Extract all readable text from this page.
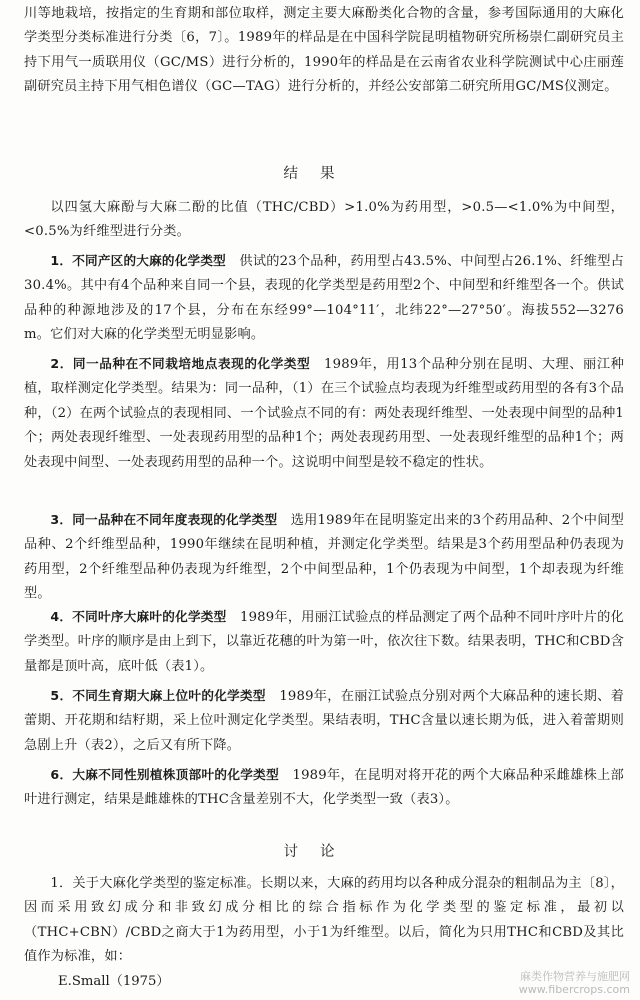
川等地栽培，按指定的生育期和部位取样，测定主要大麻酚类化合物的含量，参考国际通用的大麻化学类型分类标准进行分类〔6，7〕。1989年的样品是在中国科学院昆明植物研究所杨崇仁副研究员主持下用气一质联用仪（GC/MS）进行分析的，1990年的样品是在云南省农业科学院测试中心庄丽莲副研究员主持下用气相色谱仪（GC—TAG）进行分析的，并经公安部第二研究所用GC/MS仪测定。
结果
以四氢大麻酚与大麻二酚的比值（THC/CBD）>1.0%为药用型，>0.5—<1.0%为中间型，<0.5%为纤维型进行分类。
1．不同产区的大麻的化学类型　 供试的23个品种，药用型占43.5%、中间型占26.1%、纤维型占30.4%。其中有4个品种来自同一个县，表现的化学类型是药用型2个、中间型和纤维型各一个。供试品种的种源地涉及的17个县，分布在东经99°—104°11′，北纬22°—27°50′。海拔552—3276 m。它们对大麻的化学类型无明显影响。
2．同一品种在不同栽培地点表现的化学类型　 1989年，用13个品种分别在昆明、大理、丽江种植，取样测定化学类型。结果为：同一品种，（1）在三个试验点均表现为纤维型或药用型的各有3个品种，（2）在两个试验点的表现相同、一个试验点不同的有：两处表现纤维型、一处表现中间型的品种1个；两处表现纤维型、一处表现药用型的品种1个；两处表现药用型、一处表现纤维型的品种1个；两处表现中间型、一处表现药用型的品种一个。这说明中间型是较不稳定的性状。
3．同一品种在不同年度表现的化学类型　 选用1989年在昆明鉴定出来的3个药用品种、2个中间型品种、2个纤维型品种，1990年继续在昆明种植，并测定化学类型。结果是3个药用型品种仍表现为药用型，2个纤维型品种仍表现为纤维型，2个中间型品种，1个仍表现为中间型，1个却表现为纤维型。
4．不同叶序大麻叶的化学类型　 1989年，用丽江试验点的样品测定了两个品种不同叶序叶片的化学类型。叶序的顺序是由上到下，以靠近花穗的叶为第一叶，依次往下数。结果表明，THC和CBD含量都是顶叶高，底叶低（表1）。
5．不同生育期大麻上位叶的化学类型　 1989年，在丽江试验点分别对两个大麻品种的速长期、着蕾期、开花期和结籽期，采上位叶测定化学类型。果结表明，THC含量以速长期为低，进入着蕾期则急剧上升（表2），之后又有所下降。
6．大麻不同性别植株顶部叶的化学类型　 1989年，在昆明对将开花的两个大麻品种采雌雄株上部叶进行测定，结果是雌雄株的THC含量差别不大，化学类型一致（表3）。
讨论
1．关于大麻化学类型的鉴定标准。长期以来，大麻的药用均以各种成分混杂的粗制品为主〔8〕，因而采用致幻成分和非致幻成分相比的综合指标作为化学类型的鉴定标准，最初以（THC+CBN）/CBD之商大于1为药用型，小于1为纤维型。以后，简化为只用THC和CBD及其比值作为标准，如：
E.Small（1975）	麻类作物营养与施肥网
www.fibercrops.com
